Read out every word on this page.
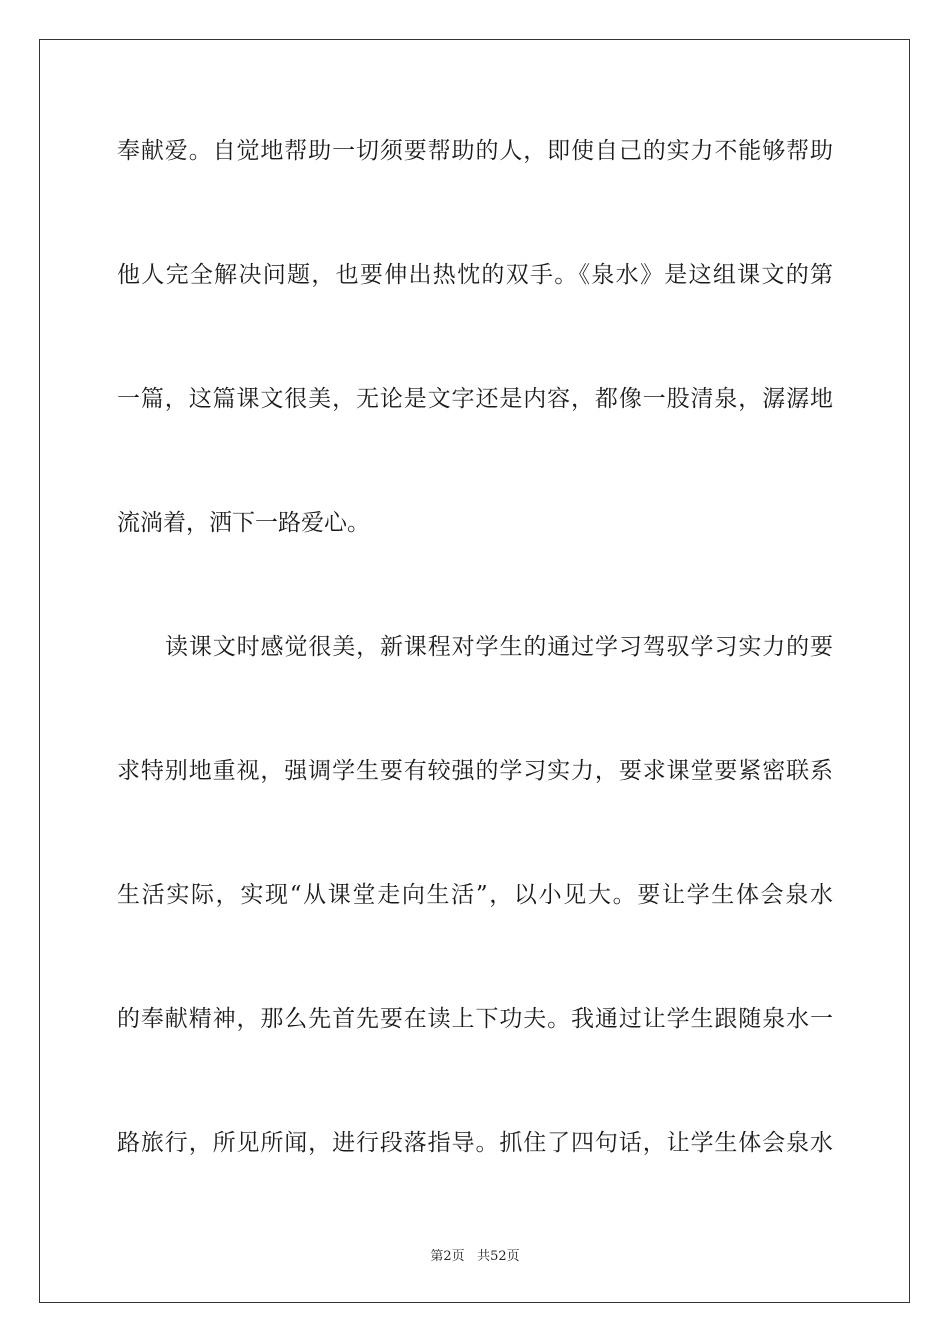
奉献爱。自觉地帮助一切须要帮助的人，即使自己的实力不能够帮助
他人完全解决问题，也要伸出热忱的双手。《泉水》是这组课文的第
一篇，这篇课文很美，无论是文字还是内容，都像一股清泉，潺潺地
流淌着，洒下一路爱心。
读课文时感觉很美，新课程对学生的通过学习驾驭学习实力的要
求特别地重视，强调学生要有较强的学习实力，要求课堂要紧密联系
生活实际，实现“从课堂走向生活”，以小见大。要让学生体会泉水
的奉献精神，那么先首先要在读上下功夫。我通过让学生跟随泉水一
路旅行，所见所闻，进行段落指导。抓住了四句话，让学生体会泉水
第2页 共52页
